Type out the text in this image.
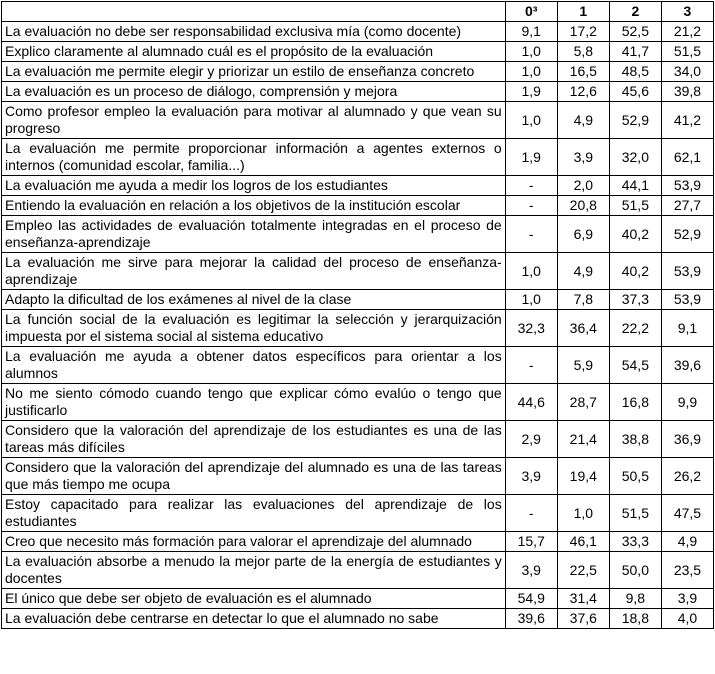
	0³	1	2	3
La evaluación no debe ser responsabilidad exclusiva mía (como docente)	9,1	17,2	52,5	21,2
Explico claramente al alumnado cuál es el propósito de la evaluación	1,0	5,8	41,7	51,5
La evaluación me permite elegir y priorizar un estilo de enseñanza concreto	1,0	16,5	48,5	34,0
La evaluación es un proceso de diálogo, comprensión y mejora	1,9	12,6	45,6	39,8
Como profesor empleo la evaluación para motivar al alumnado y que vean su progreso	1,0	4,9	52,9	41,2
La evaluación me permite proporcionar información a agentes externos o internos (comunidad escolar, familia...)	1,9	3,9	32,0	62,1
La evaluación me ayuda a medir los logros de los estudiantes	-	2,0	44,1	53,9
Entiendo la evaluación en relación a los objetivos de la institución escolar	-	20,8	51,5	27,7
Empleo las actividades de evaluación totalmente integradas en el proceso de enseñanza-aprendizaje	-	6,9	40,2	52,9
La evaluación me sirve para mejorar la calidad del proceso de enseñanza-aprendizaje	1,0	4,9	40,2	53,9
Adapto la dificultad de los exámenes al nivel de la clase	1,0	7,8	37,3	53,9
La función social de la evaluación es legitimar la selección y jerarquización impuesta por el sistema social al sistema educativo	32,3	36,4	22,2	9,1
La evaluación me ayuda a obtener datos específicos para orientar a los alumnos	-	5,9	54,5	39,6
No me siento cómodo cuando tengo que explicar cómo evalúo o tengo que justificarlo	44,6	28,7	16,8	9,9
Considero que la valoración del aprendizaje de los estudiantes es una de las tareas más difíciles	2,9	21,4	38,8	36,9
Considero que la valoración del aprendizaje del alumnado es una de las tareas que más tiempo me ocupa	3,9	19,4	50,5	26,2
Estoy capacitado para realizar las evaluaciones del aprendizaje de los estudiantes	-	1,0	51,5	47,5
Creo que necesito más formación para valorar el aprendizaje del alumnado	15,7	46,1	33,3	4,9
La evaluación absorbe a menudo la mejor parte de la energía de estudiantes y docentes	3,9	22,5	50,0	23,5
El único que debe ser objeto de evaluación es el alumnado	54,9	31,4	9,8	3,9
La evaluación debe centrarse en detectar lo que el alumnado no sabe	39,6	37,6	18,8	4,0
